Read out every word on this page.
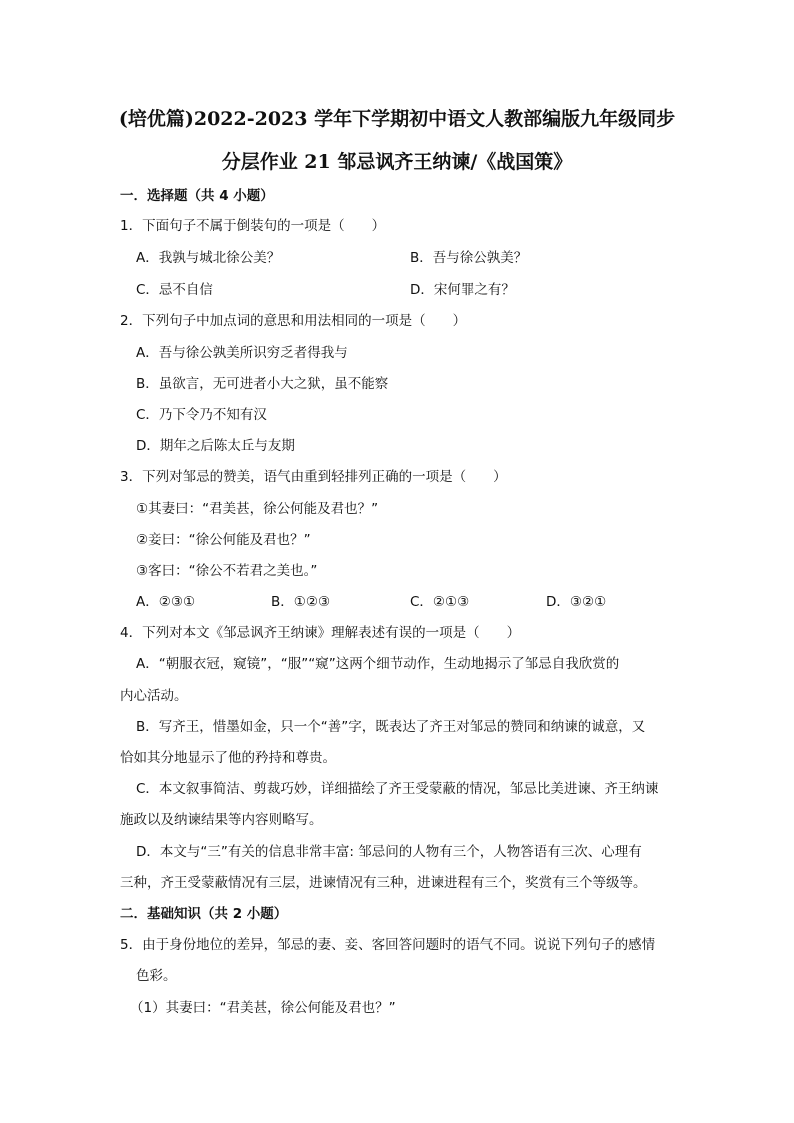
(培优篇)2022-2023 学年下学期初中语文人教部编版九年级同步
分层作业 21 邹忌讽齐王纳谏/《战国策》
一．选择题（共 4 小题）
1．下面句子不属于倒装句的一项是（　　）
A．我孰与城北徐公美？	B．吾与徐公孰美？
C．忌不自信	D．宋何罪之有？
2．下列句子中加点词的意思和用法相同的一项是（　　）
A．吾与徐公孰美所识穷乏者得我与
B．虽欲言，无可进者小大之狱，虽不能察
C．乃下令乃不知有汉
D．期年之后陈太丘与友期
3．下列对邹忌的赞美，语气由重到轻排列正确的一项是（　　）
①其妻曰：“君美甚，徐公何能及君也？”
②妾曰：“徐公何能及君也？”
③客曰：“徐公不若君之美也。”
A．②③①	B．①②③	C．②①③	D．③②①
4．下列对本文《邹忌讽齐王纳谏》理解表述有误的一项是（　　）
A．“朝服衣冠，窥镜”，“服”“窥”这两个细节动作，生动地揭示了邹忌自我欣赏的
内心活动。
B．写齐王，惜墨如金，只一个“善”字，既表达了齐王对邹忌的赞同和纳谏的诚意，又
恰如其分地显示了他的矜持和尊贵。
C．本文叙事简洁、剪裁巧妙，详细描绘了齐王受蒙蔽的情况，邹忌比美进谏、齐王纳谏
施政以及纳谏结果等内容则略写。
D．本文与“三”有关的信息非常丰富: 邹忌问的人物有三个，人物答语有三次、心理有
三种，齐王受蒙蔽情况有三层，进谏情况有三种，进谏进程有三个，奖赏有三个等级等。
二．基础知识（共 2 小题）
5．由于身份地位的差异，邹忌的妻、妾、客回答问题时的语气不同。说说下列句子的感情
色彩。
（1）其妻曰：“君美甚，徐公何能及君也？”
